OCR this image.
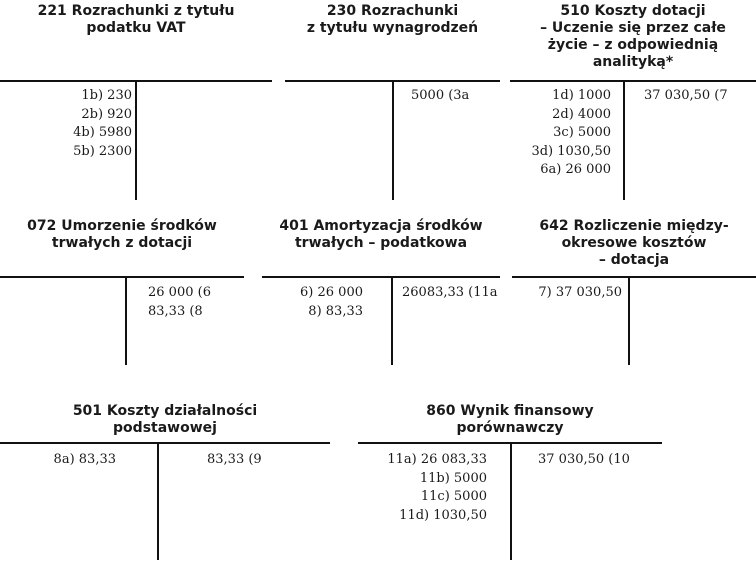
221 Rozrachunki z tytułu
podatku VAT
1b) 230
2b) 920
4b) 5980
5b) 2300
230 Rozrachunki
z tytułu wynagrodzeń
5000 (3a
510 Koszty dotacji
– Uczenie się przez całe
życie – z odpowiednią
analityką*
1d) 1000
2d) 4000
3c) 5000
3d) 1030,50
6a) 26 000
37 030,50 (7
072 Umorzenie środków
trwałych z dotacji
26 000 (6
83,33 (8
401 Amortyzacja środków
trwałych – podatkowa
6) 26 000
8) 83,33
26083,33 (11a
642 Rozliczenie między-
okresowe kosztów
– dotacja
7) 37 030,50
501 Koszty działalności
podstawowej
8a) 83,33	83,33 (9
860 Wynik finansowy
porównawczy
11a) 26 083,33
11b) 5000
11c) 5000
11d) 1030,50
37 030,50 (10
